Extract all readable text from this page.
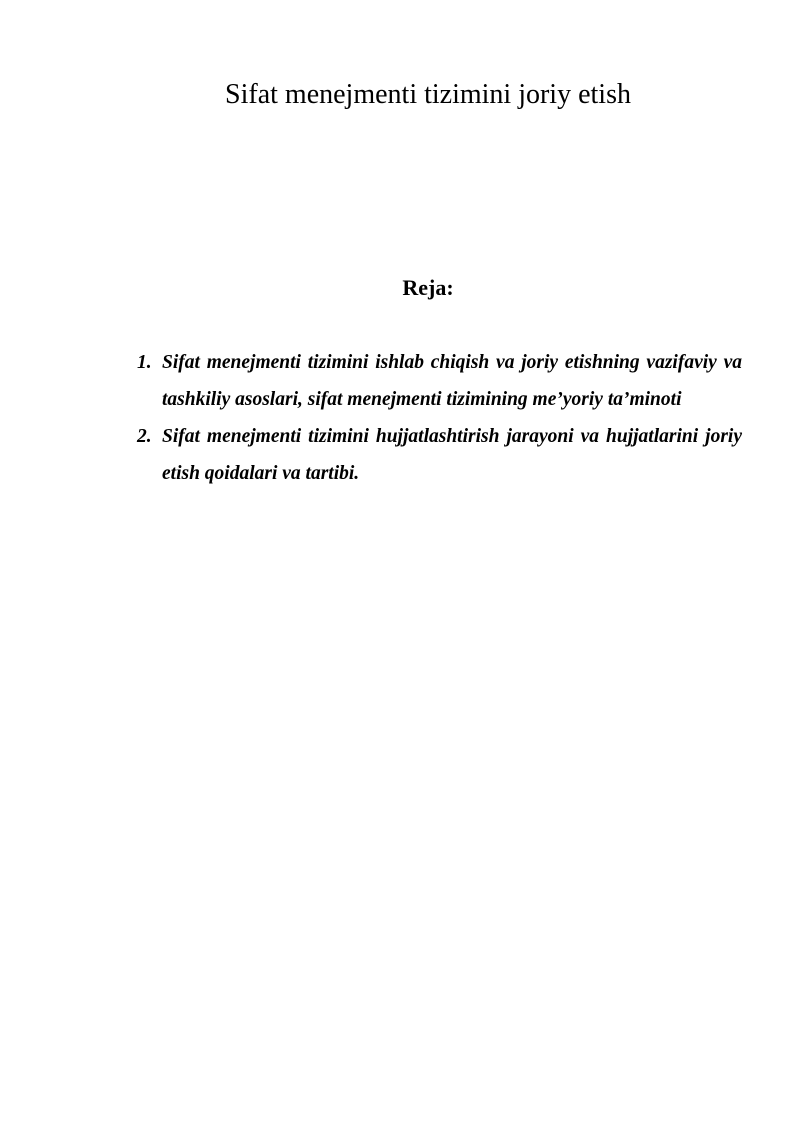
Sifat menejmenti tizimini joriy etish
Reja:
1. Sifat menejmenti tizimini ishlab chiqish va joriy etishning vazifaviy va tashkiliy asoslari, sifat menejmenti tizimining me’yoriy ta’minoti
2. Sifat menejmenti tizimini hujjatlashtirish jarayoni va hujjatlarini joriy etish qoidalari va tartibi.
